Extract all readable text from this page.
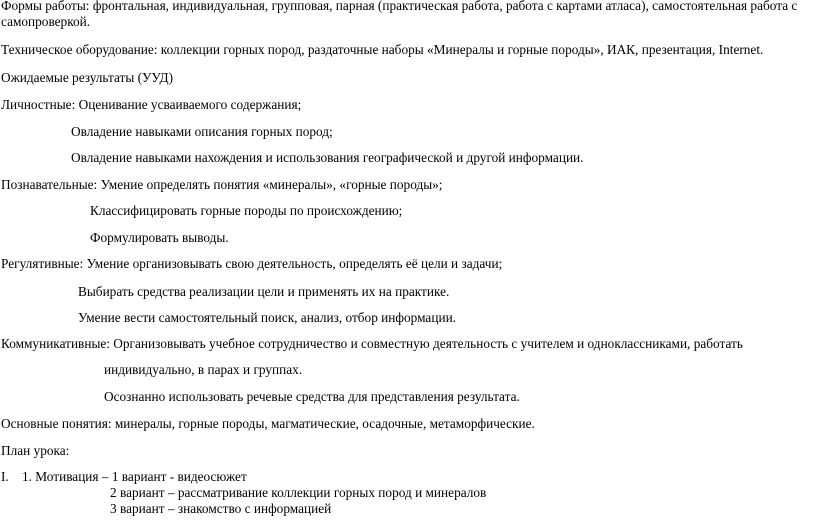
Формы работы: фронтальная, индивидуальная, групповая, парная (практическая работа, работа с картами атласа), самостоятельная работа с самопроверкой.
Техническое оборудование: коллекции горных пород, раздаточные наборы «Минералы и горные породы», ИАК, презентация, Internet.
Ожидаемые результаты (УУД)
Личностные: Оценивание усваиваемого содержания;
Овладение навыками описания горных пород;
Овладение навыками нахождения и использования географической и другой информации.
Познавательные: Умение определять понятия «минералы», «горные породы»;
Классифицировать горные породы по происхождению;
Формулировать выводы.
Регулятивные: Умение организовывать свою деятельность, определять её цели и задачи;
Выбирать средства реализации цели и применять их на практике.
Умение вести самостоятельный поиск, анализ, отбор информации.
Коммуникативные: Организовывать учебное сотрудничество и совместную деятельность с учителем и одноклассниками, работать
индивидуально, в парах и группах.
Осознанно использовать речевые средства для представления результата.
Основные понятия: минералы, горные породы, магматические, осадочные, метаморфические.
План урока:
I. 1. Мотивация – 1 вариант - видеосюжет
2 вариант – рассматривание коллекции горных пород и минералов
3 вариант – знакомство с информацией
